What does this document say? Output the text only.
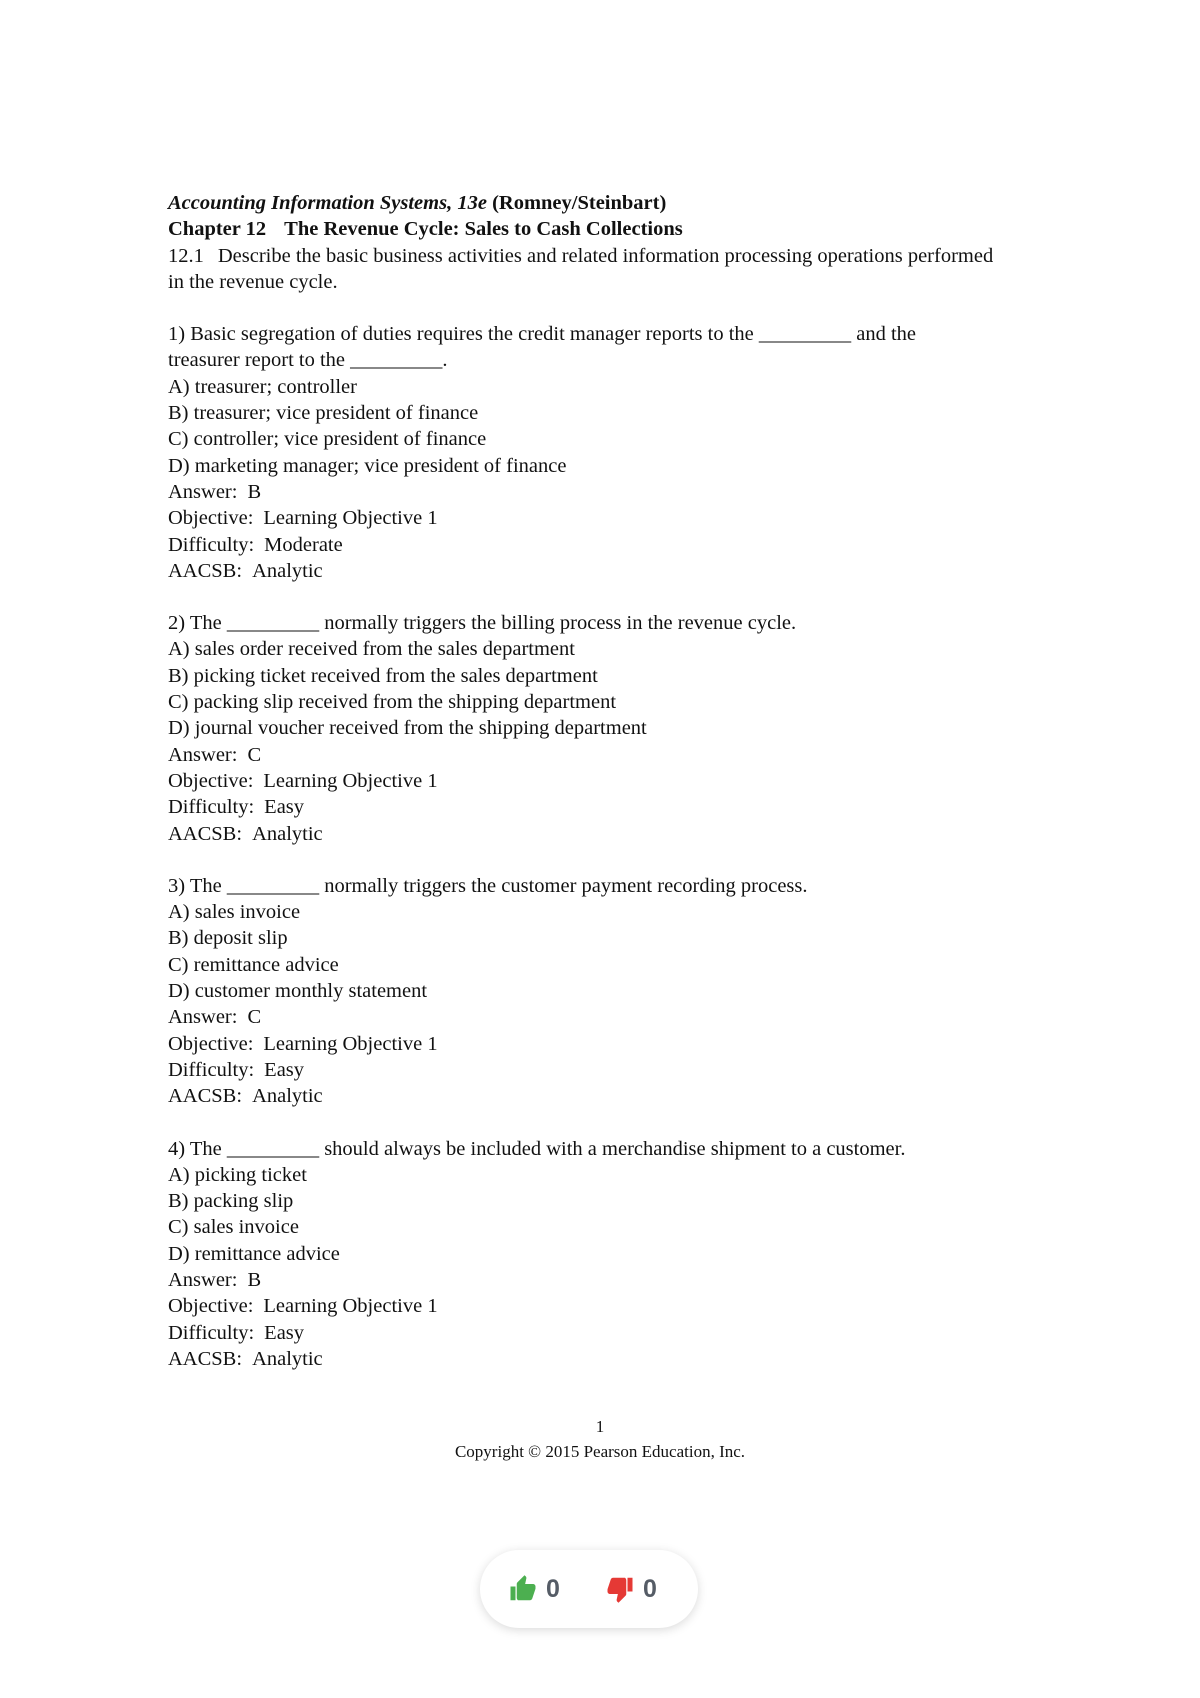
Accounting Information Systems, 13e (Romney/Steinbart)
Chapter 12 The Revenue Cycle: Sales to Cash Collections
12.1 Describe the basic business activities and related information processing operations performed in the revenue cycle.
1) Basic segregation of duties requires the credit manager reports to the _________ and the
treasurer report to the _________.
A) treasurer; controller
B) treasurer; vice president of finance
C) controller; vice president of finance
D) marketing manager; vice president of finance
Answer: B
Objective: Learning Objective 1
Difficulty: Moderate
AACSB: Analytic
2) The _________ normally triggers the billing process in the revenue cycle.
A) sales order received from the sales department
B) picking ticket received from the sales department
C) packing slip received from the shipping department
D) journal voucher received from the shipping department
Answer: C
Objective: Learning Objective 1
Difficulty: Easy
AACSB: Analytic
3) The _________ normally triggers the customer payment recording process.
A) sales invoice
B) deposit slip
C) remittance advice
D) customer monthly statement
Answer: C
Objective: Learning Objective 1
Difficulty: Easy
AACSB: Analytic
4) The _________ should always be included with a merchandise shipment to a customer.
A) picking ticket
B) packing slip
C) sales invoice
D) remittance advice
Answer: B
Objective: Learning Objective 1
Difficulty: Easy
AACSB: Analytic
1
Copyright © 2015 Pearson Education, Inc.
0	0
